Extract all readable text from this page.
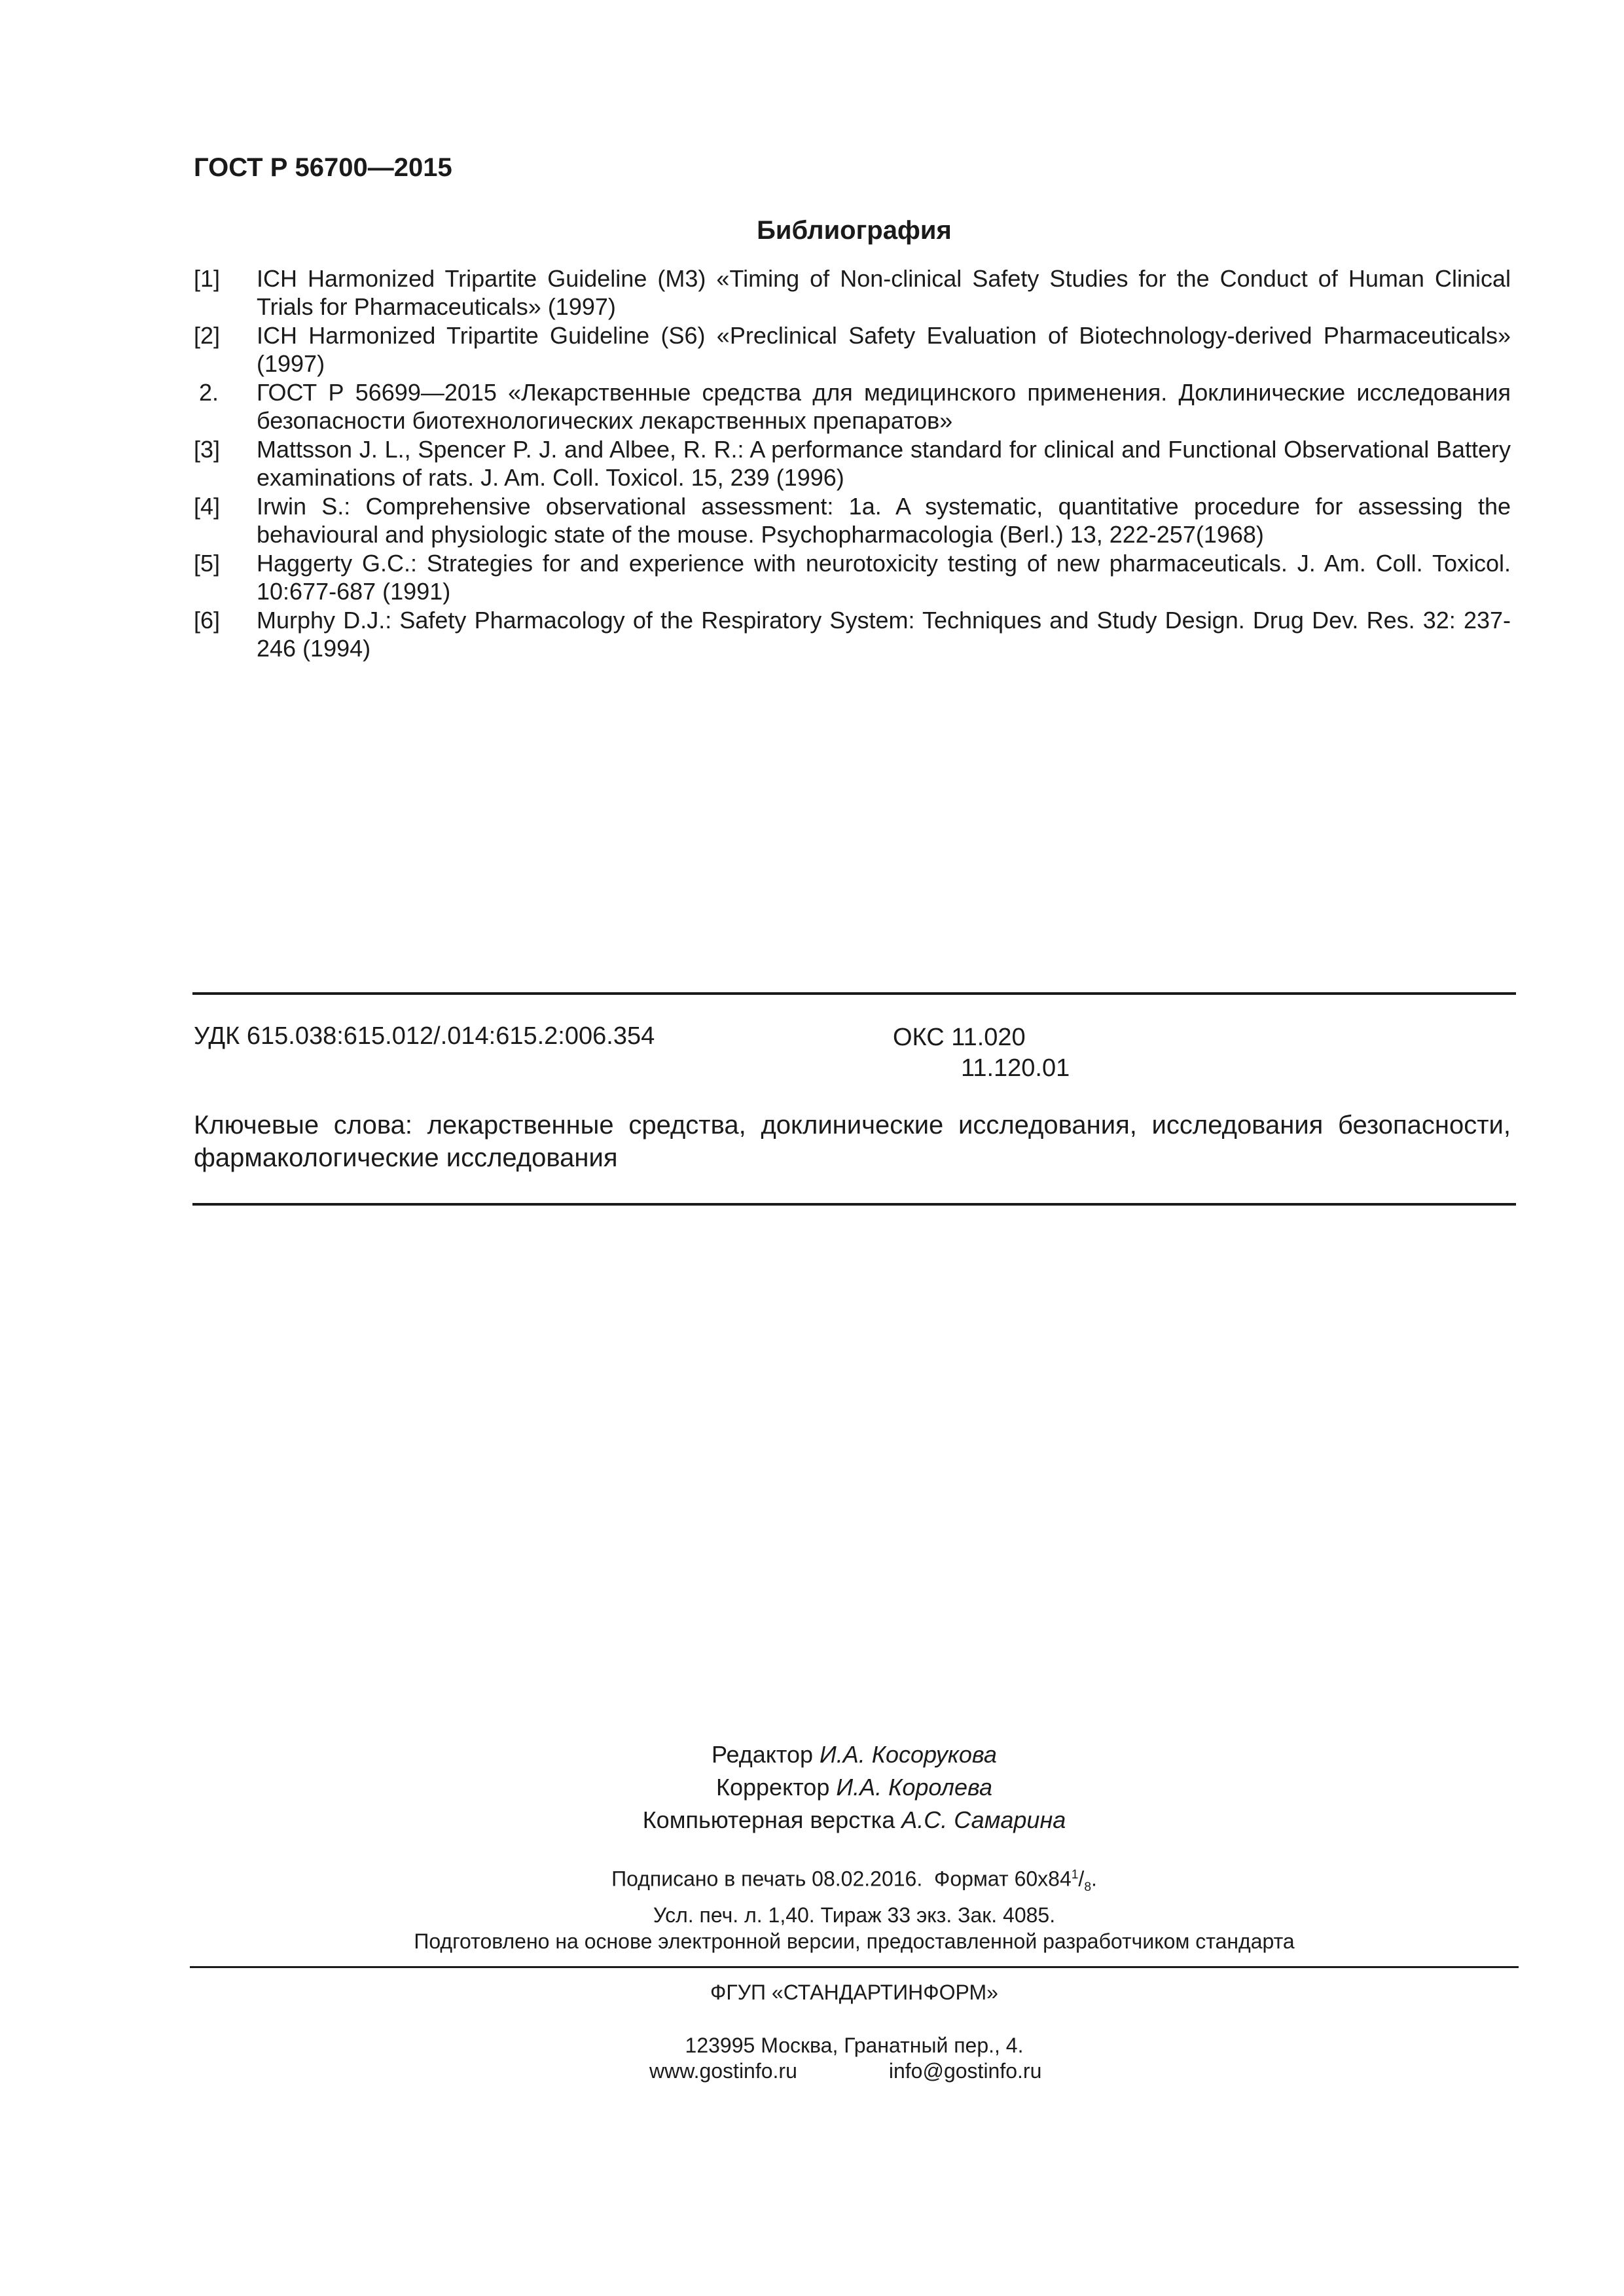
ГОСТ Р 56700—2015
Библиография
[1] ICH Harmonized Tripartite Guideline (M3) «Timing of Non-clinical Safety Studies for the Conduct of Human Clinical Trials for Pharmaceuticals» (1997)
[2] ICH Harmonized Tripartite Guideline (S6) «Preclinical Safety Evaluation of Biotechnology-derived Pharmaceuticals» (1997)
2. ГОСТ Р 56699—2015 «Лекарственные средства для медицинского применения. Доклинические исследования безопасности биотехнологических лекарственных препаратов»
[3] Mattsson J. L., Spencer P. J. and Albee, R. R.: A performance standard for clinical and Functional Observational Battery examinations of rats. J. Am. Coll. Toxicol. 15, 239 (1996)
[4] Irwin S.: Comprehensive observational assessment: 1a. A systematic, quantitative procedure for assessing the behavioural and physiologic state of the mouse. Psychopharmacologia (Berl.) 13, 222-257(1968)
[5] Haggerty G.C.: Strategies for and experience with neurotoxicity testing of new pharmaceuticals. J. Am. Coll. Toxicol. 10:677-687 (1991)
[6] Murphy D.J.: Safety Pharmacology of the Respiratory System: Techniques and Study Design. Drug Dev. Res. 32: 237-246 (1994)
УДК 615.038:615.012/.014:615.2:006.354	ОКС 11.020
11.120.01
Ключевые слова: лекарственные средства, доклинические исследования, исследования безопасности, фармакологические исследования
Редактор И.А. Косорукова
Корректор И.А. Королева
Компьютерная верстка А.С. Самарина
Подписано в печать 08.02.2016. Формат $60x84^1/_8$.
Усл. печ. л. 1,40. Тираж 33 экз. Зак. 4085.
Подготовлено на основе электронной версии, предоставленной разработчиком стандарта
ФГУП «СТАНДАРТИНФОРМ»
123995 Москва, Гранатный пер., 4.
www.gostinfo.ru	info@gostinfo.ru
